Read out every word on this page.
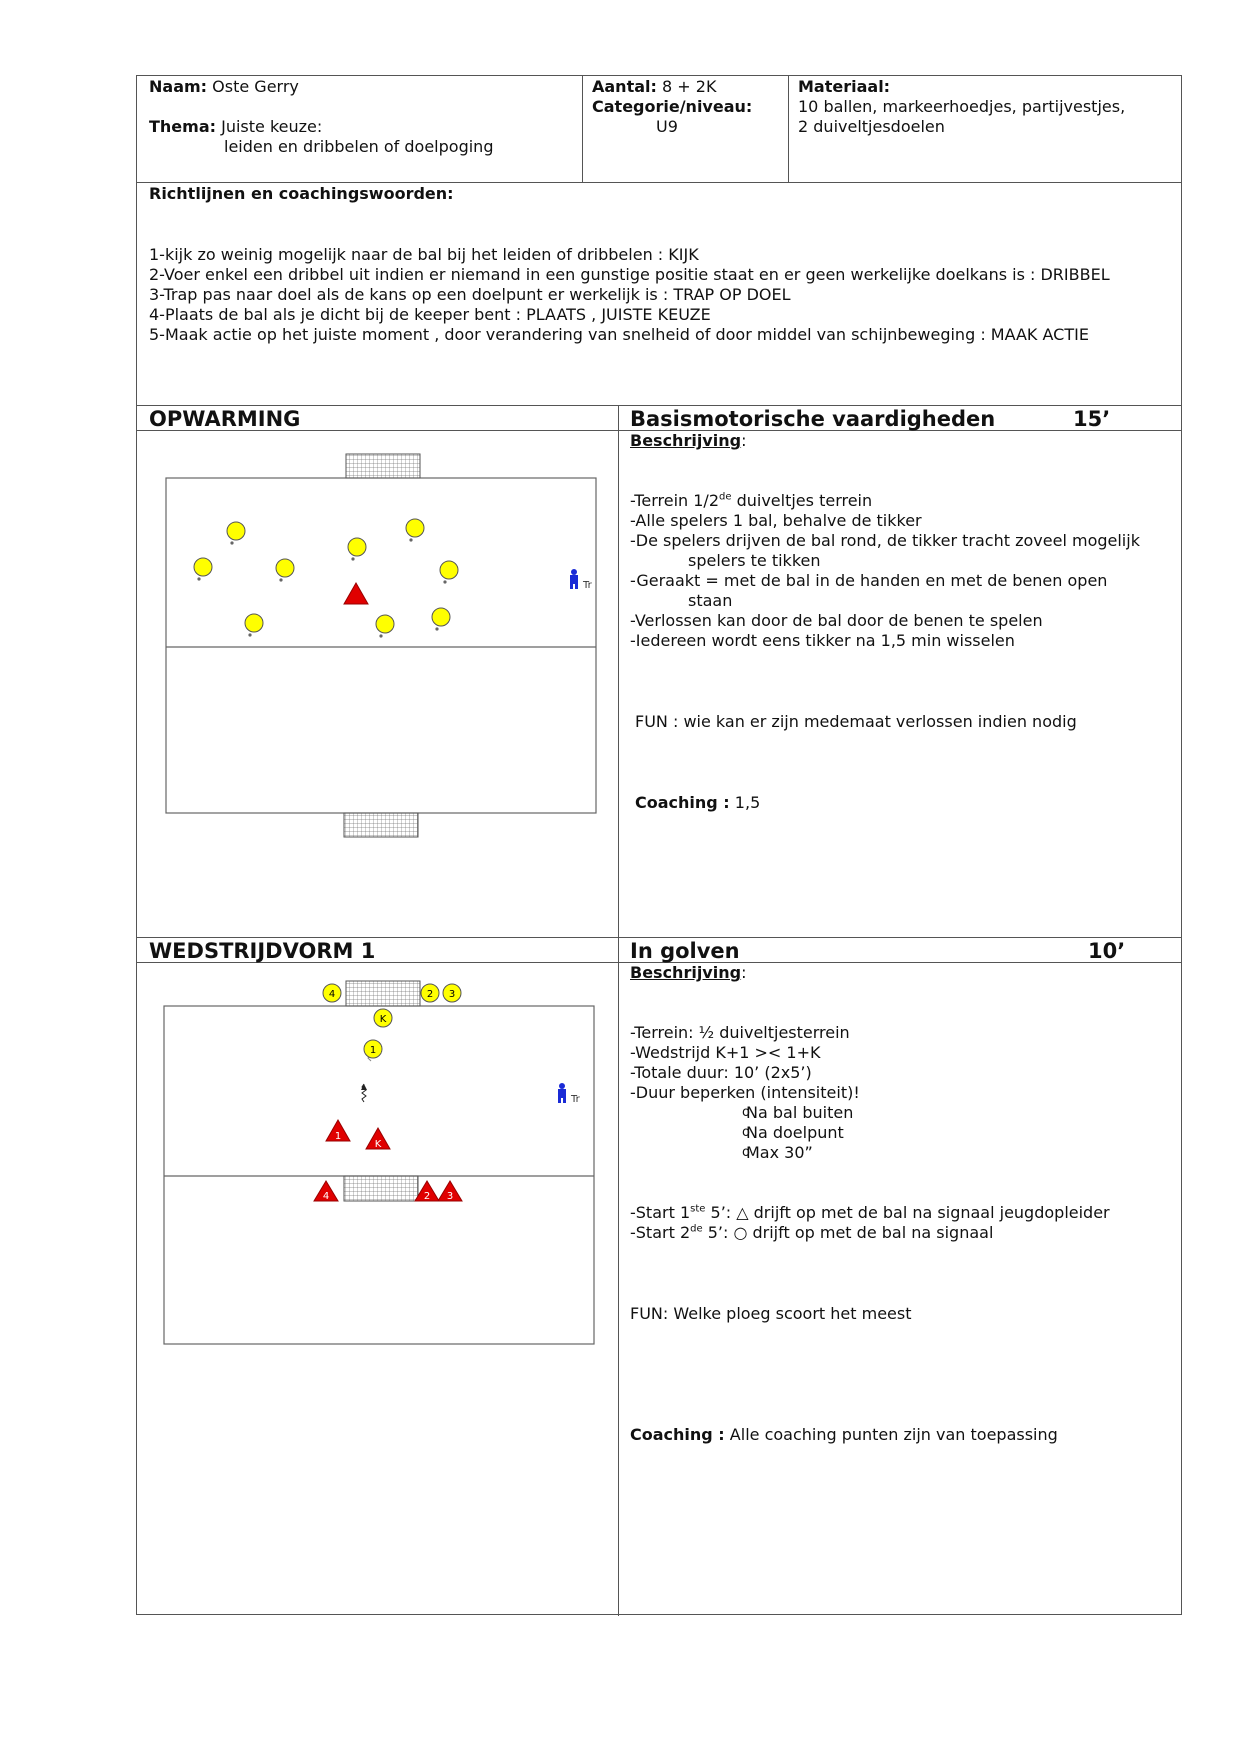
Naam: Oste Gerry
Thema: Juiste keuze:
leiden en dribbelen of doelpoging
Aantal: 8 + 2K
Categorie/niveau:
U9
Materiaal:
10 ballen, markeerhoedjes, partijvestjes,
2 duiveltjesdoelen
Richtlijnen en coachingswoorden:
1-kijk zo weinig mogelijk naar de bal bij het leiden of dribbelen : KIJK
2-Voer enkel een dribbel uit indien er niemand in een gunstige positie staat en er geen werkelijke doelkans is : DRIBBEL
3-Trap pas naar doel als de kans op een doelpunt er werkelijk is : TRAP OP DOEL
4-Plaats de bal als je dicht bij de keeper bent : PLAATS , JUISTE KEUZE
5-Maak actie op het juiste moment , door verandering van snelheid of door middel van schijnbeweging : MAAK ACTIE
OPWARMING	Basismotorische vaardigheden	15’
Tr
Beschrijving:
-Terrein 1/2de duiveltjes terrein
-Alle spelers 1 bal, behalve de tikker
-De spelers drijven de bal rond, de tikker tracht zoveel mogelijk
spelers te tikken
-Geraakt = met de bal in de handen en met de benen open
staan
-Verlossen kan door de bal door de benen te spelen
-Iedereen wordt eens tikker na 1,5 min wisselen
FUN : wie kan er zijn medemaat verlossen indien nodig
Coaching : 1,5
WEDSTRIJDVORM 1	In golven	10’
4	2 3
K
1
1
K
4	2 3
Tr
Beschrijving:
-Terrein: ½ duiveltjesterrein
-Wedstrijd K+1 >< 1+K
-Totale duur: 10’ (2x5’)
-Duur beperken (intensiteit)!
o Na bal buiten
o Na doelpunt
o Max 30”
-Start 1ste 5’: △ drijft op met de bal na signaal jeugdopleider
-Start 2de 5’: ○ drijft op met de bal na signaal
FUN: Welke ploeg scoort het meest
Coaching : Alle coaching punten zijn van toepassing
